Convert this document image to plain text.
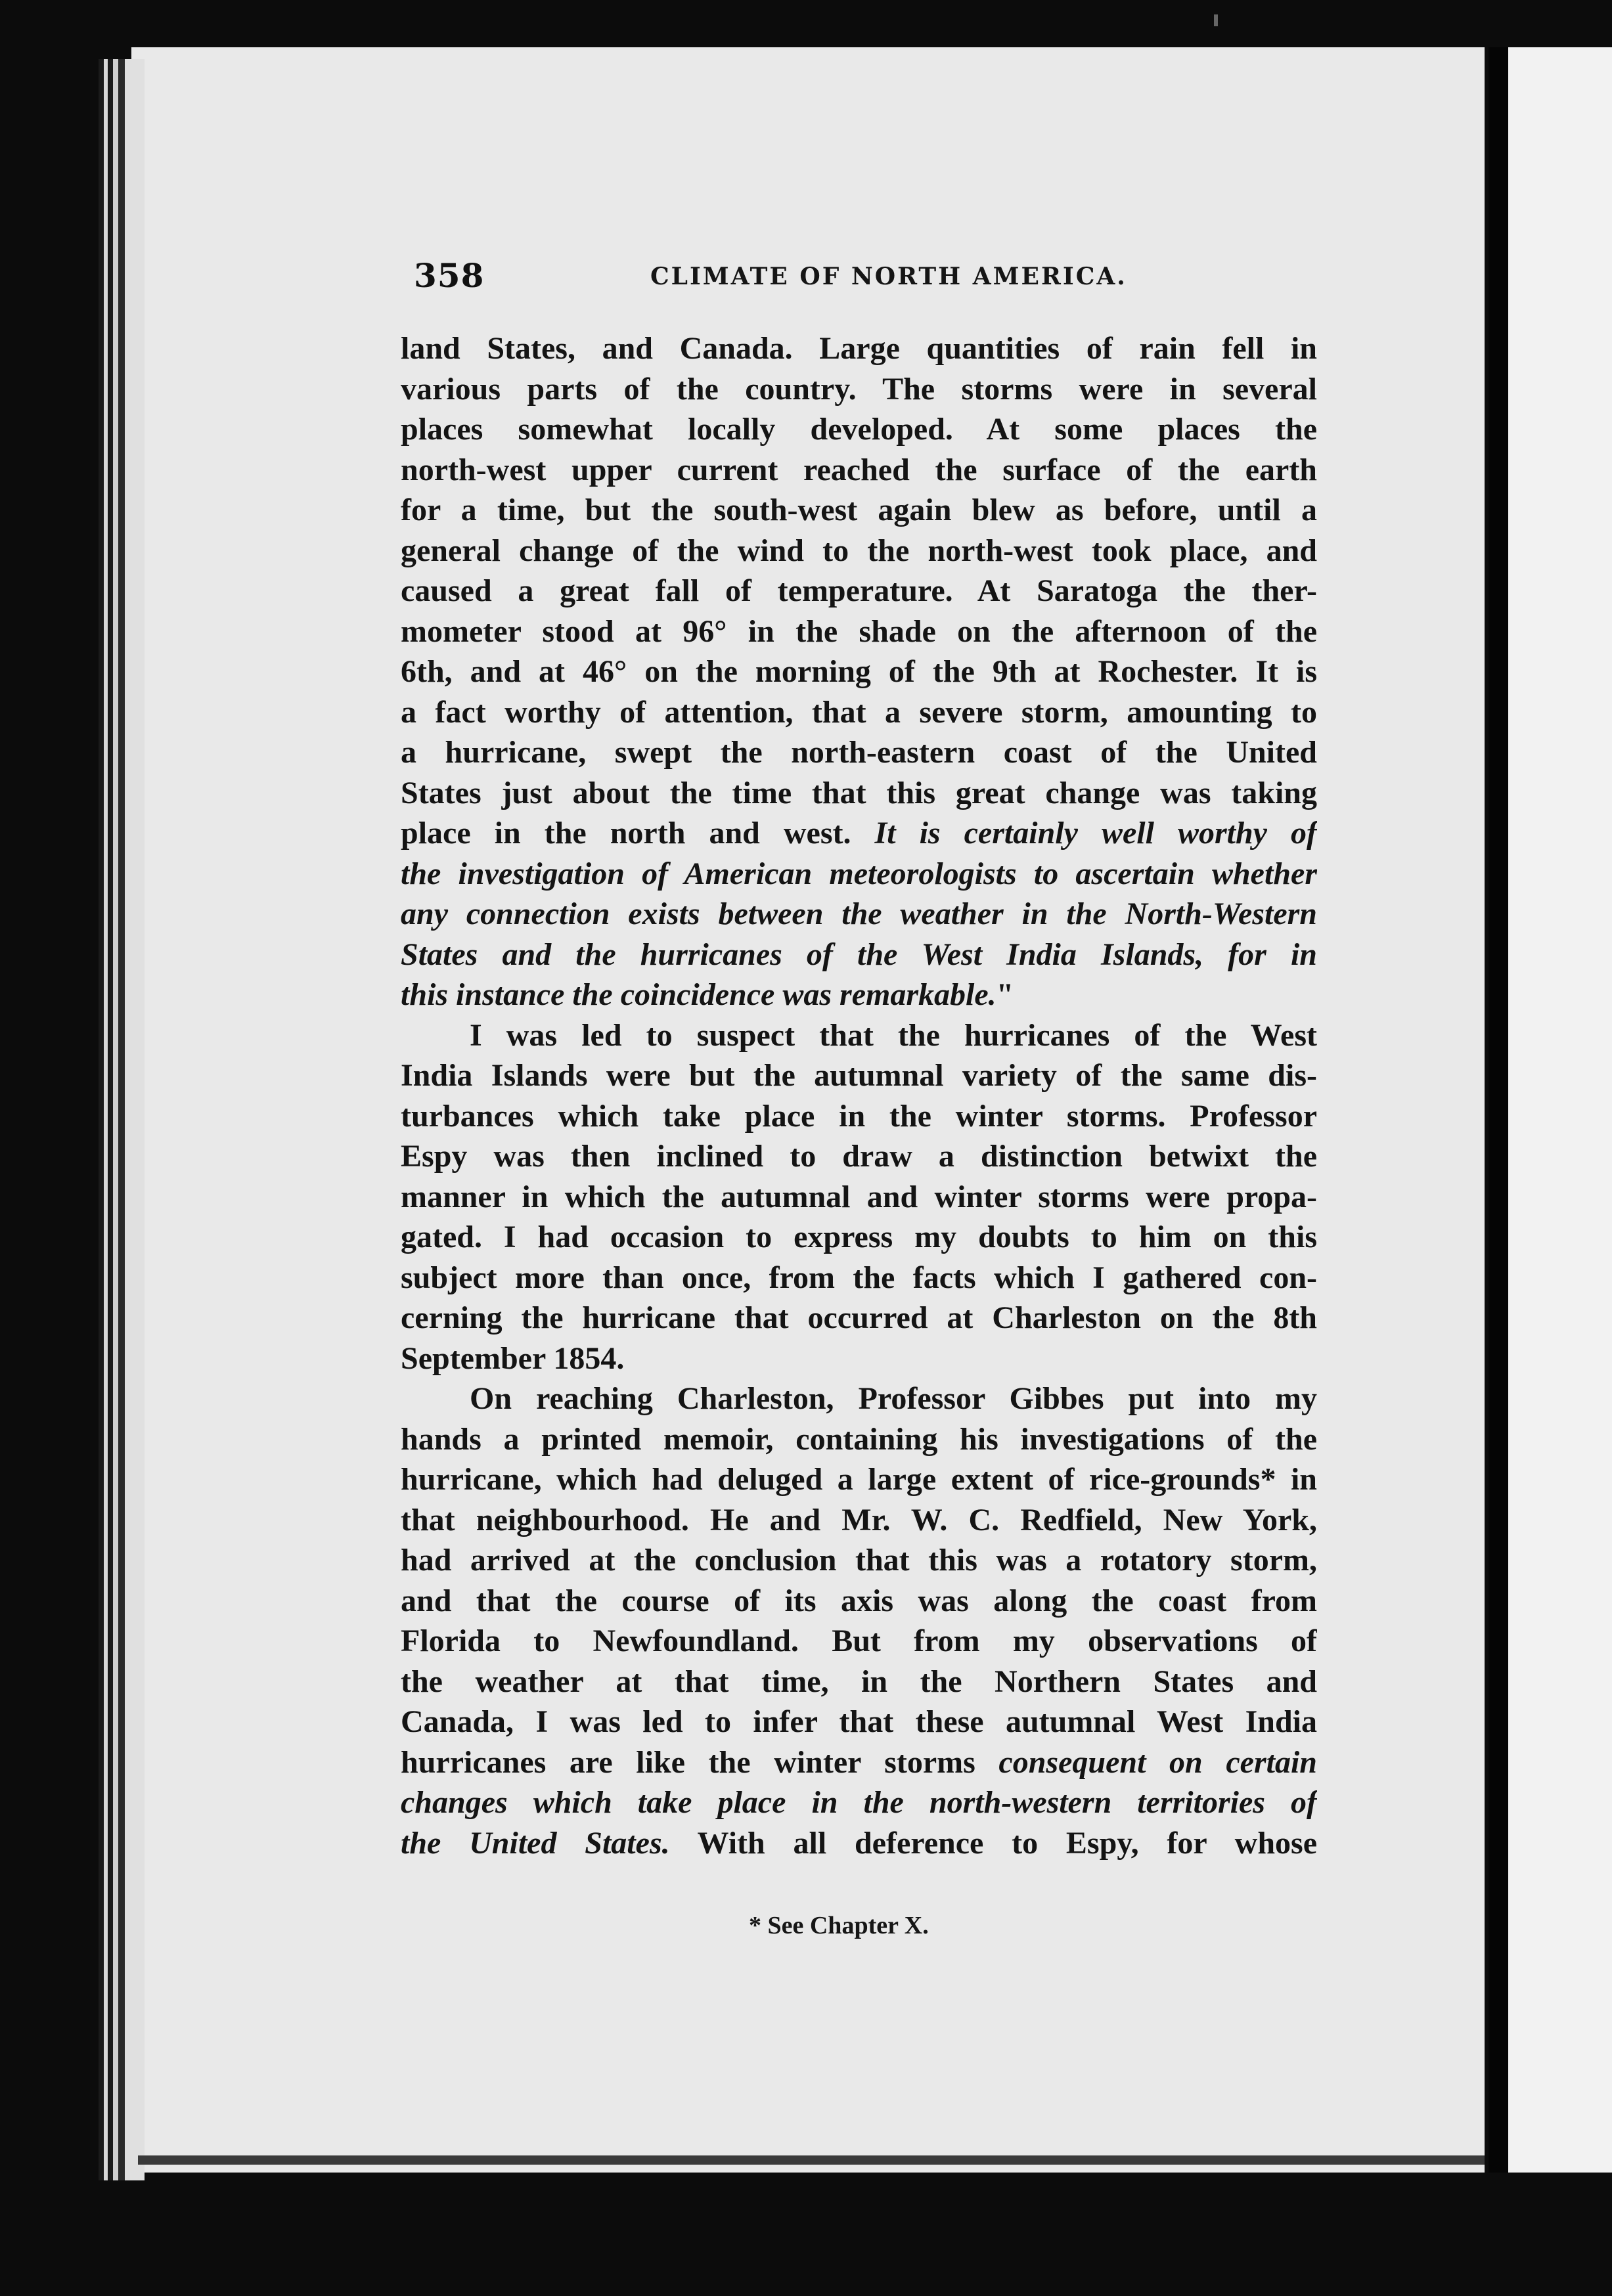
358	CLIMATE OF NORTH AMERICA.
land States, and Canada. Large quantities of rain fell in
various parts of the country. The storms were in several
places somewhat locally developed. At some places the
north-west upper current reached the surface of the earth
for a time, but the south-west again blew as before, until a
general change of the wind to the north-west took place, and
caused a great fall of temperature. At Saratoga the ther-
mometer stood at 96° in the shade on the afternoon of the
6th, and at 46° on the morning of the 9th at Rochester. It is
a fact worthy of attention, that a severe storm, amounting to
a hurricane, swept the north-eastern coast of the United
States just about the time that this great change was taking
place in the north and west. It is certainly well worthy of
the investigation of American meteorologists to ascertain whether
any connection exists between the weather in the North-Western
States and the hurricanes of the West India Islands, for in
this instance the coincidence was remarkable."
I was led to suspect that the hurricanes of the West
India Islands were but the autumnal variety of the same dis-
turbances which take place in the winter storms. Professor
Espy was then inclined to draw a distinction betwixt the
manner in which the autumnal and winter storms were propa-
gated. I had occasion to express my doubts to him on this
subject more than once, from the facts which I gathered con-
cerning the hurricane that occurred at Charleston on the 8th
September 1854.
On reaching Charleston, Professor Gibbes put into my
hands a printed memoir, containing his investigations of the
hurricane, which had deluged a large extent of rice-grounds* in
that neighbourhood. He and Mr. W. C. Redfield, New York,
had arrived at the conclusion that this was a rotatory storm,
and that the course of its axis was along the coast from
Florida to Newfoundland. But from my observations of
the weather at that time, in the Northern States and
Canada, I was led to infer that these autumnal West India
hurricanes are like the winter storms consequent on certain
changes which take place in the north-western territories of
the United States. With all deference to Espy, for whose
* See Chapter X.
